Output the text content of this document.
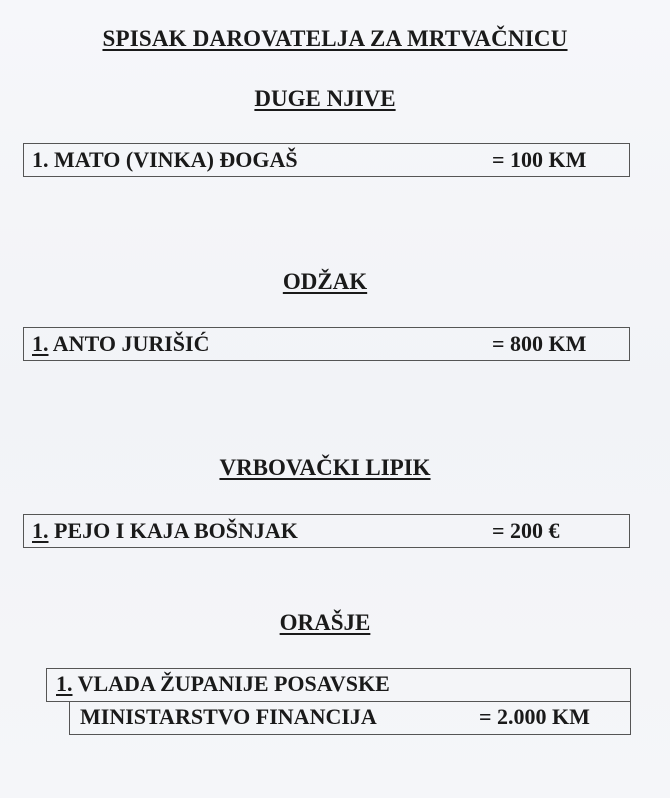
SPISAK DAROVATELJA ZA MRTVAČNICU
DUGE NJIVE
1. MATO (VINKA) ĐOGAŠ	= 100 KM
ODŽAK
1. ANTO JURIŠIĆ	= 800 KM
VRBOVAČKI LIPIK
1. PEJO I KAJA BOŠNJAK	= 200 €
ORAŠJE
1. VLADA ŽUPANIJE POSAVSKE
MINISTARSTVO FINANCIJA	= 2.000 KM
